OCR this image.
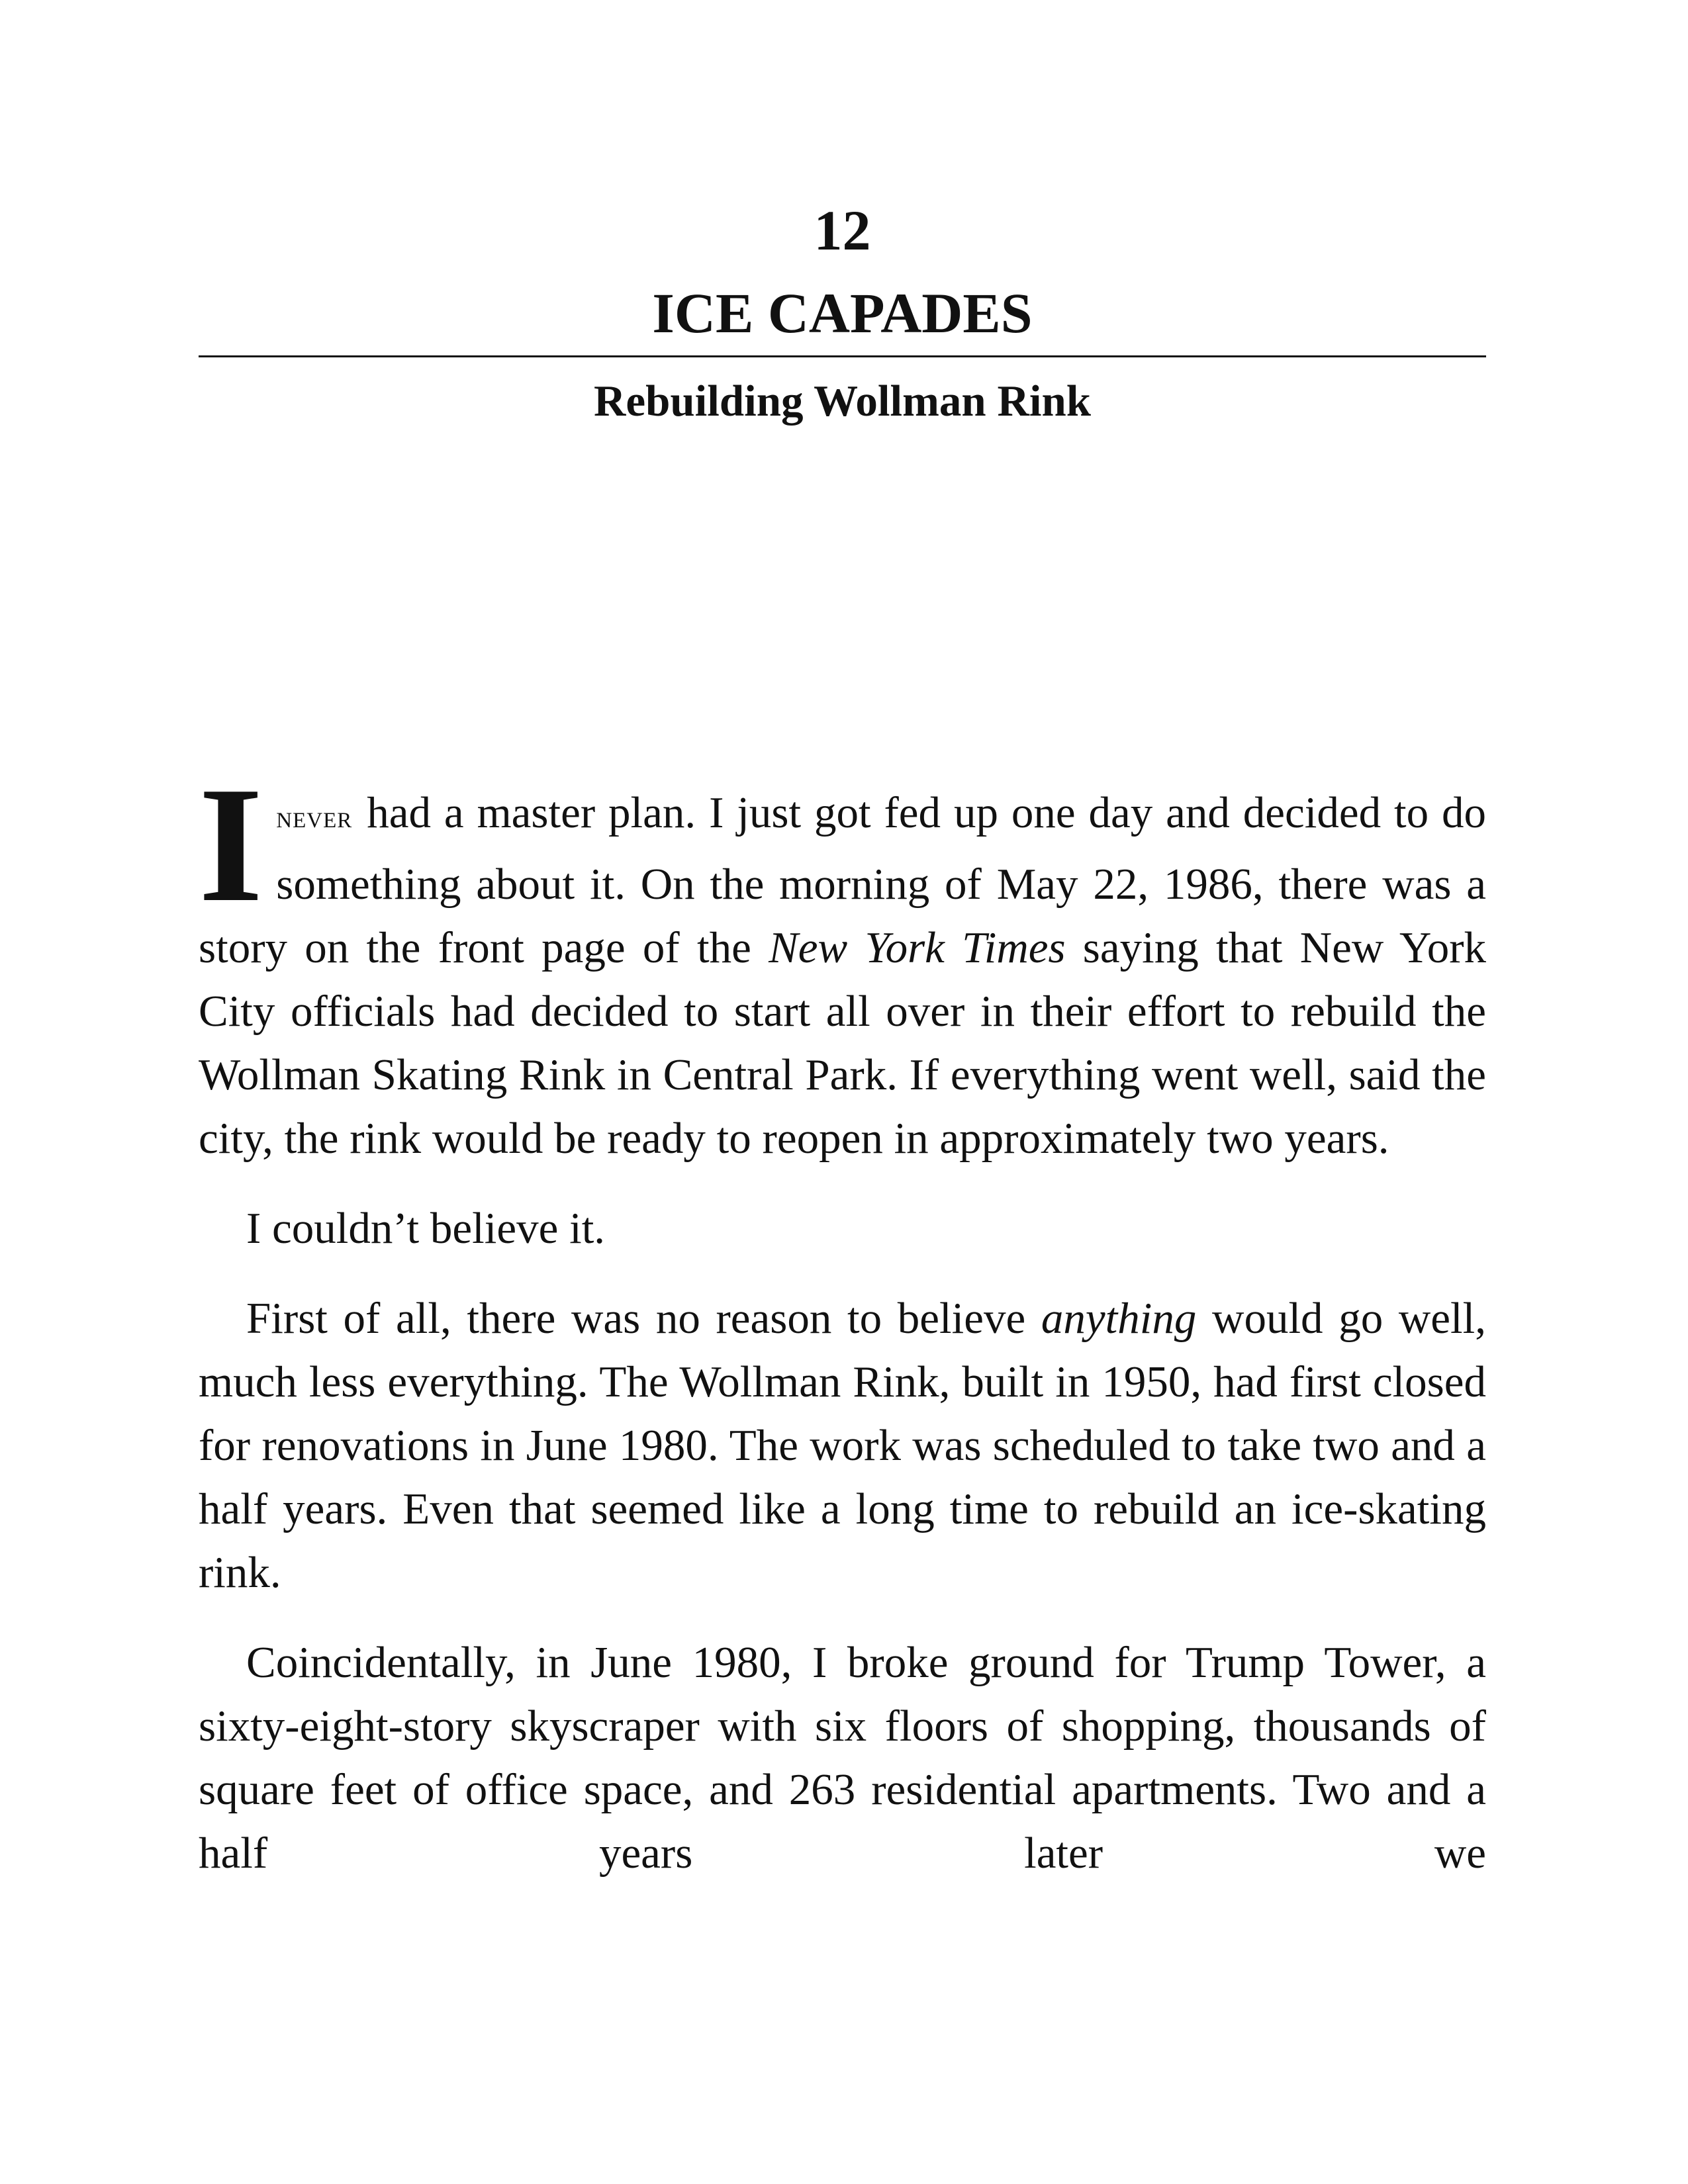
12
ICE CAPADES
Rebuilding Wollman Rink

INEVER had a master plan. I just got fed up one day and decided to do something about it. On the morning of May 22, 1986, there was a story on the front page of the New York Times saying that New York City officials had decided to start all over in their effort to rebuild the Wollman Skating Rink in Central Park. If everything went well, said the city, the rink would be ready to reopen in approximately two years.

I couldn’t believe it.

First of all, there was no reason to believe anything would go well, much less everything. The Wollman Rink, built in 1950, had first closed for renovations in June 1980. The work was scheduled to take two and a half years. Even that seemed like a long time to rebuild an ice-skating rink.

Coincidentally, in June 1980, I broke ground for Trump Tower, a sixty-eight-story skyscraper with six floors of shopping, thousands of square feet of office space, and 263 residential apartments. Two and a half years later we
